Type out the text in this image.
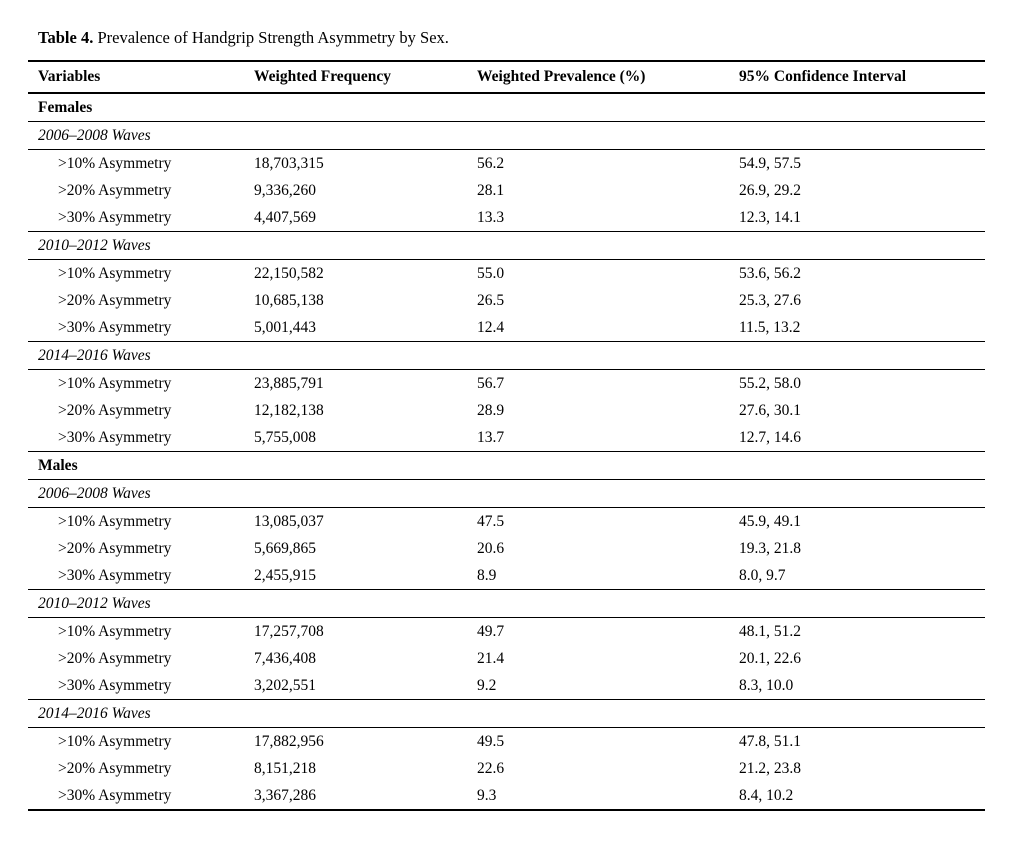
Table 4. Prevalence of Handgrip Strength Asymmetry by Sex.

Variables	Weighted Frequency	Weighted Prevalence (%)	95% Confidence Interval
Females			
2006–2008 Waves			
>10% Asymmetry	18,703,315	56.2	54.9, 57.5
>20% Asymmetry	9,336,260	28.1	26.9, 29.2
>30% Asymmetry	4,407,569	13.3	12.3, 14.1
2010–2012 Waves			
>10% Asymmetry	22,150,582	55.0	53.6, 56.2
>20% Asymmetry	10,685,138	26.5	25.3, 27.6
>30% Asymmetry	5,001,443	12.4	11.5, 13.2
2014–2016 Waves			
>10% Asymmetry	23,885,791	56.7	55.2, 58.0
>20% Asymmetry	12,182,138	28.9	27.6, 30.1
>30% Asymmetry	5,755,008	13.7	12.7, 14.6
Males			
2006–2008 Waves			
>10% Asymmetry	13,085,037	47.5	45.9, 49.1
>20% Asymmetry	5,669,865	20.6	19.3, 21.8
>30% Asymmetry	2,455,915	8.9	8.0, 9.7
2010–2012 Waves			
>10% Asymmetry	17,257,708	49.7	48.1, 51.2
>20% Asymmetry	7,436,408	21.4	20.1, 22.6
>30% Asymmetry	3,202,551	9.2	8.3, 10.0
2014–2016 Waves			
>10% Asymmetry	17,882,956	49.5	47.8, 51.1
>20% Asymmetry	8,151,218	22.6	21.2, 23.8
>30% Asymmetry	3,367,286	9.3	8.4, 10.2
